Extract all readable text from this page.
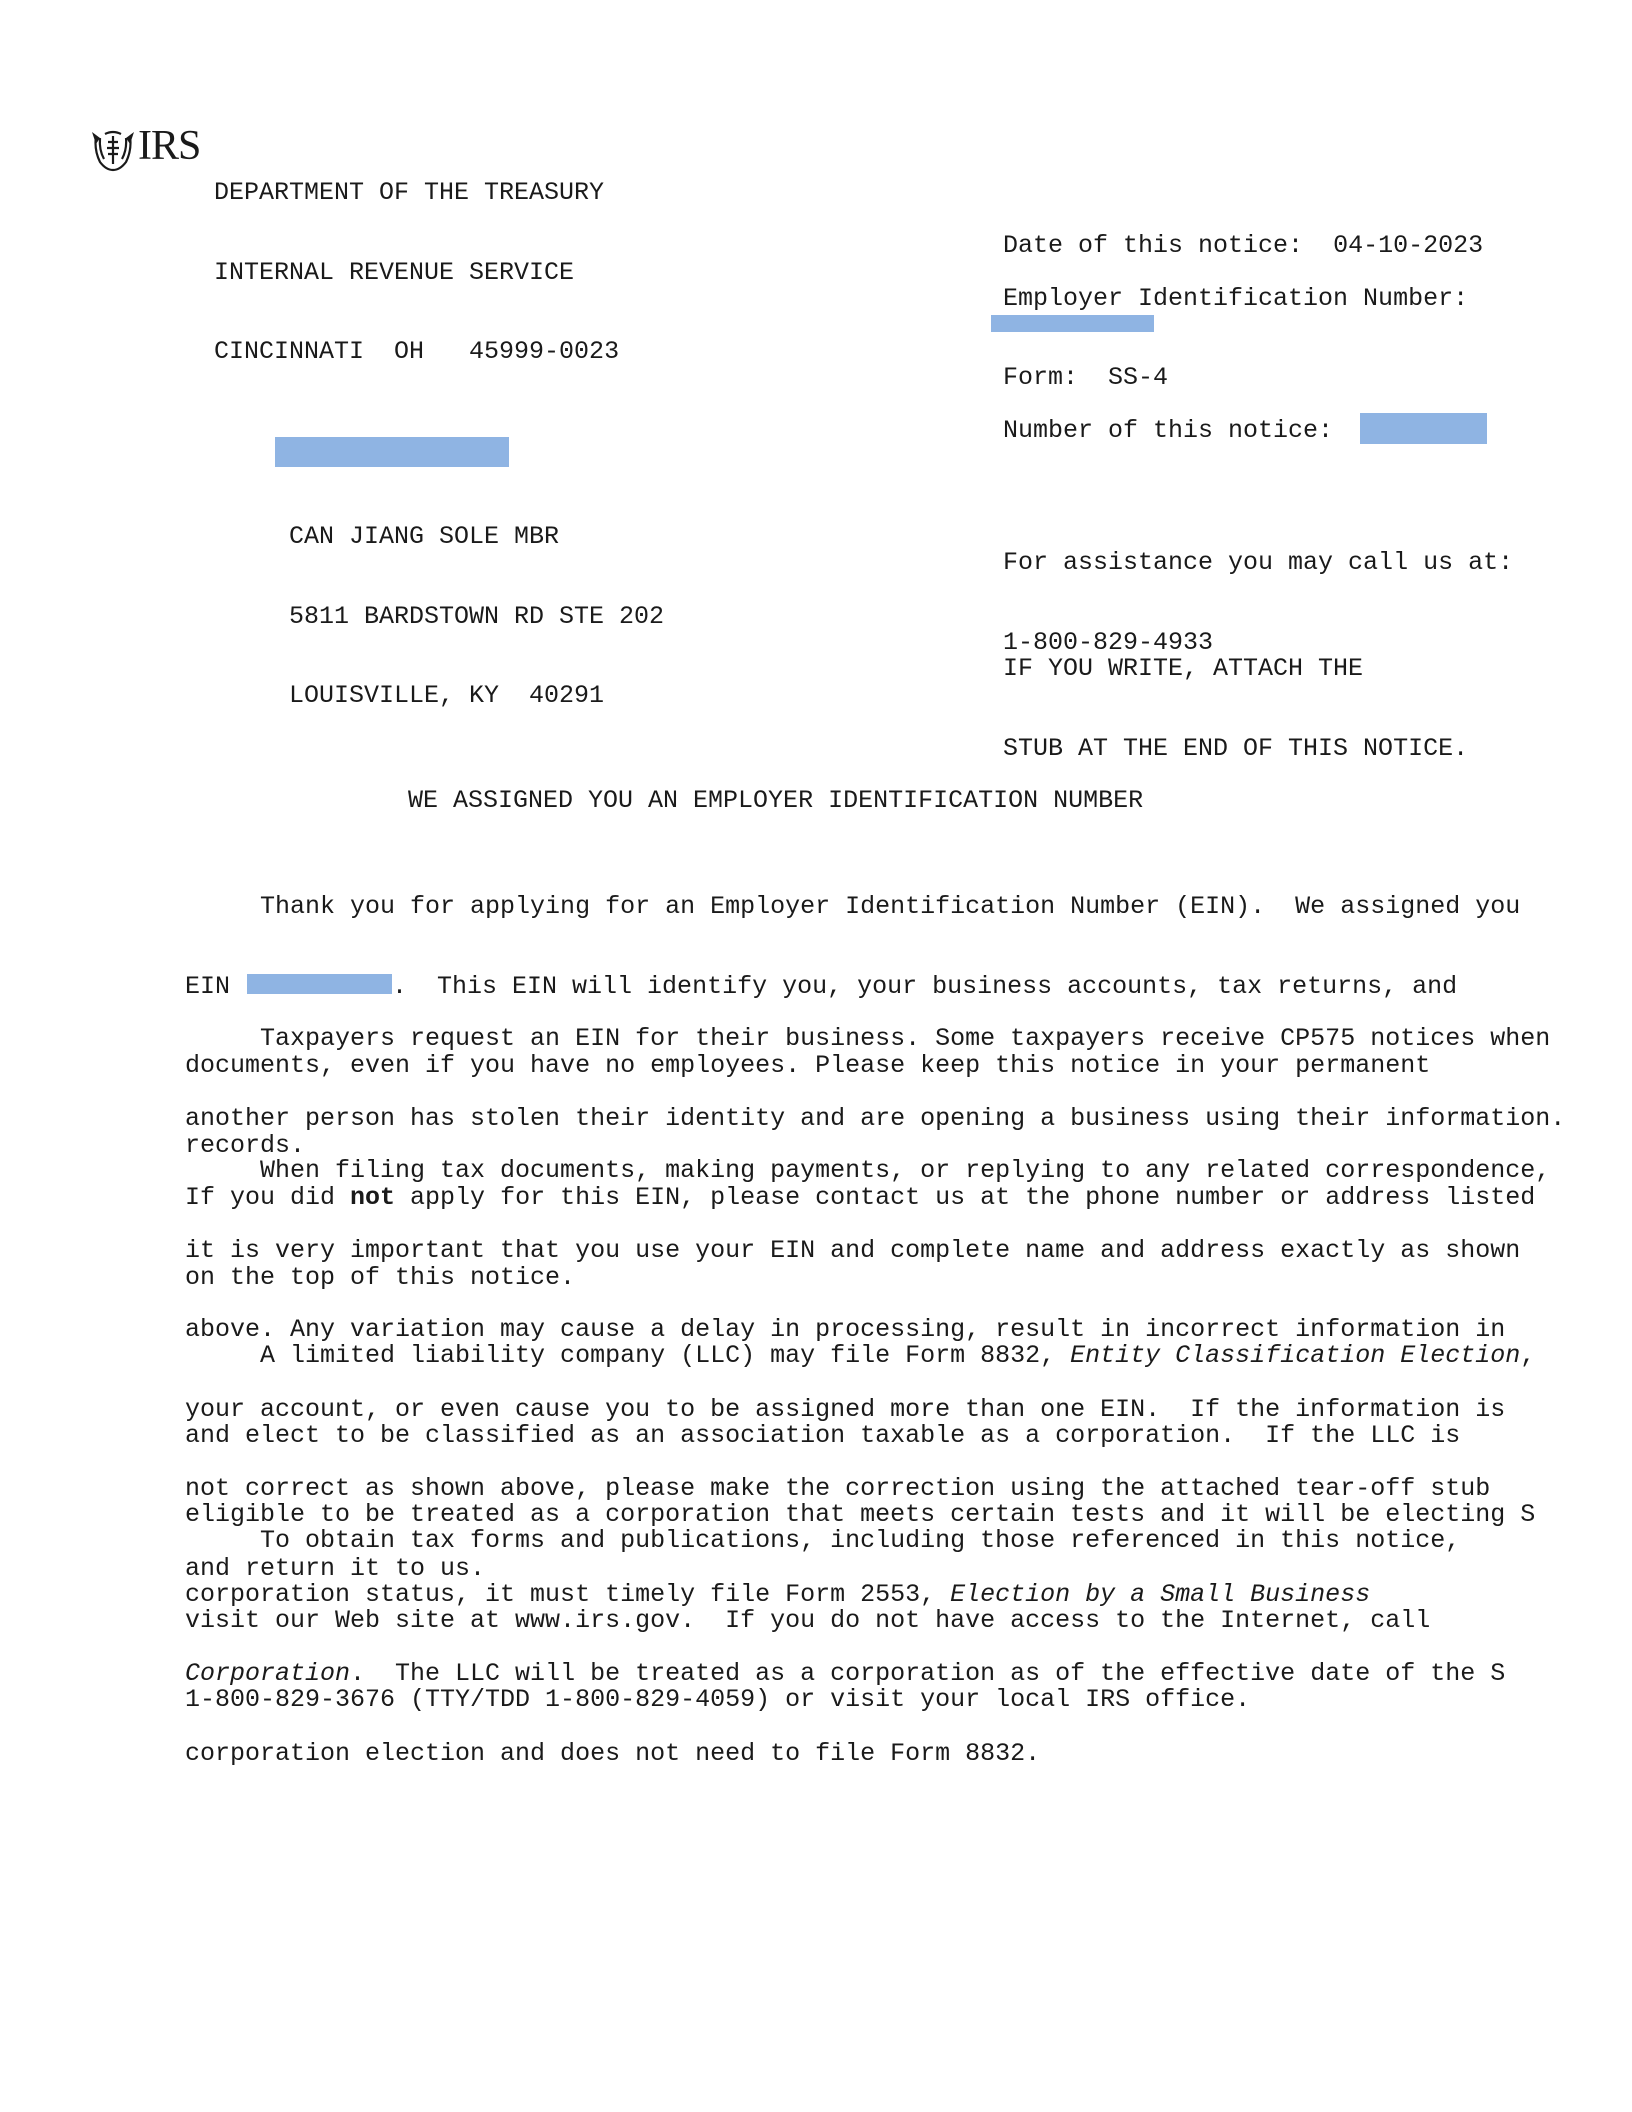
IRS

DEPARTMENT OF THE TREASURY

INTERNAL REVENUE SERVICE

CINCINNATI  OH   45999-0023

Date of this notice: 04-10-2023
Employer Identification Number:
Form: SS-4
Number of this notice:

For assistance you may call us at:

1-800-829-4933

IF YOU WRITE, ATTACH THE

STUB AT THE END OF THIS NOTICE.

CAN JIANG SOLE MBR

5811 BARDSTOWN RD STE 202

LOUISVILLE, KY  40291

WE ASSIGNED YOU AN EMPLOYER IDENTIFICATION NUMBER

Thank you for applying for an Employer Identification Number (EIN).  We assigned you

EIN	.  This EIN will identify you, your business accounts, tax returns, and

documents, even if you have no employees. Please keep this notice in your permanent

records.

Taxpayers request an EIN for their business. Some taxpayers receive CP575 notices when

another person has stolen their identity and are opening a business using their information.

If you did not apply for this EIN, please contact us at the phone number or address listed

on the top of this notice.

When filing tax documents, making payments, or replying to any related correspondence,

it is very important that you use your EIN and complete name and address exactly as shown

above. Any variation may cause a delay in processing, result in incorrect information in

your account, or even cause you to be assigned more than one EIN.  If the information is

not correct as shown above, please make the correction using the attached tear-off stub

and return it to us.

A limited liability company (LLC) may file Form 8832, Entity Classification Election,

and elect to be classified as an association taxable as a corporation.  If the LLC is

eligible to be treated as a corporation that meets certain tests and it will be electing S

corporation status, it must timely file Form 2553, Election by a Small Business

Corporation.  The LLC will be treated as a corporation as of the effective date of the S

corporation election and does not need to file Form 8832.

To obtain tax forms and publications, including those referenced in this notice,

visit our Web site at www.irs.gov.  If you do not have access to the Internet, call

1-800-829-3676 (TTY/TDD 1-800-829-4059) or visit your local IRS office.
